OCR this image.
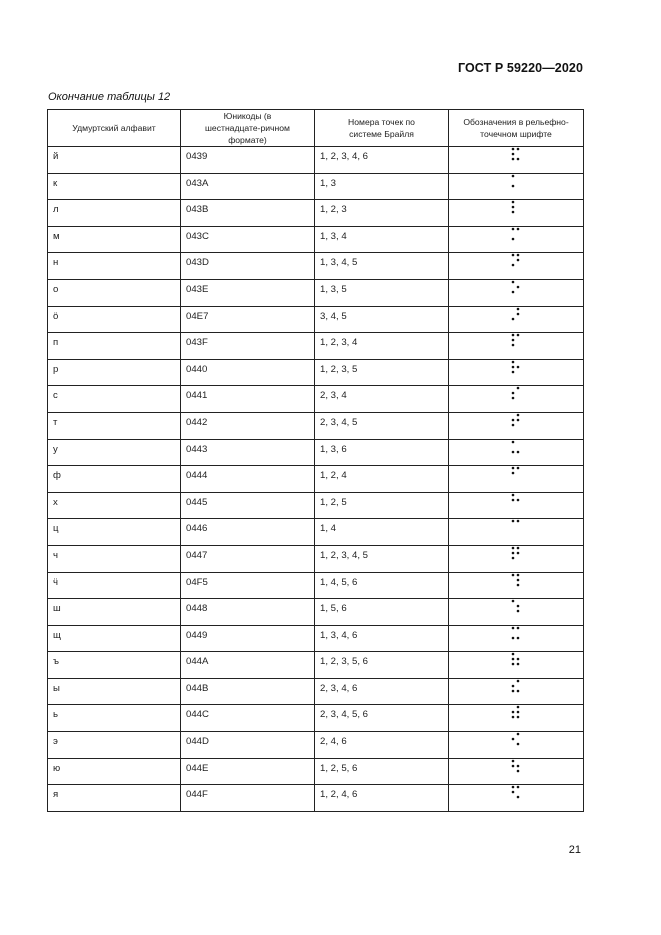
ГОСТ Р 59220—2020
Окончание таблицы 12
Удмуртский алфавит	Юникоды (в шестнадцате-ричном формате)	Номера точек по системе Брайля	Обозначения в рельефно-точечном шрифте

й	0439	1, 2, 3, 4, 6

к	043A	1, 3

л	043B	1, 2, 3

м	043C	1, 3, 4

н	043D	1, 3, 4, 5

о	043E	1, 3, 5

ӧ	04E7	3, 4, 5

п	043F	1, 2, 3, 4

р	0440	1, 2, 3, 5

с	0441	2, 3, 4

т	0442	2, 3, 4, 5

у	0443	1, 3, 6

ф	0444	1, 2, 4

х	0445	1, 2, 5

ц	0446	1, 4

ч	0447	1, 2, 3, 4, 5

ӵ	04F5	1, 4, 5, 6

ш	0448	1, 5, 6

щ	0449	1, 3, 4, 6

ъ	044A	1, 2, 3, 5, 6

ы	044B	2, 3, 4, 6

ь	044C	2, 3, 4, 5, 6

э	044D	2, 4, 6

ю	044E	1, 2, 5, 6

я	044F	1, 2, 4, 6

21
